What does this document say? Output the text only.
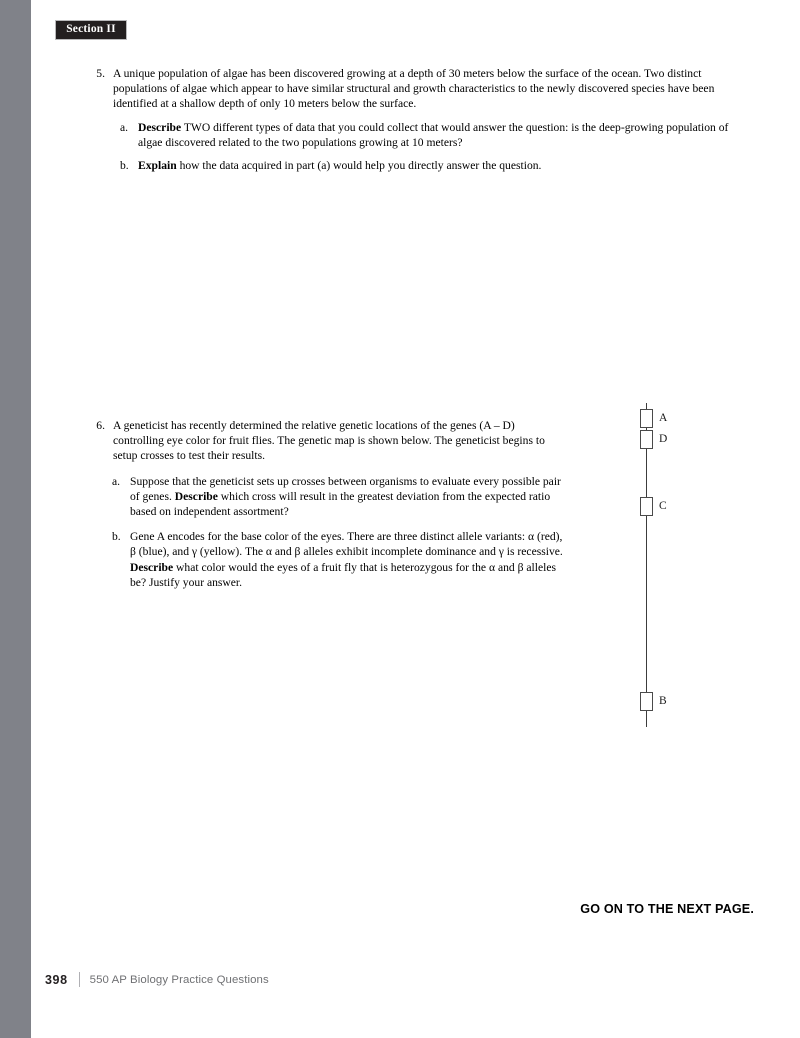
Section II
5. A unique population of algae has been discovered growing at a depth of 30 meters below the surface of the ocean. Two distinct populations of algae which appear to have similar structural and growth characteristics to the newly discovered species have been identified at a shallow depth of only 10 meters below the surface.
a. Describe TWO different types of data that you could collect that would answer the question: is the deep-growing population of algae discovered related to the two populations growing at 10 meters?
b. Explain how the data acquired in part (a) would help you directly answer the question.
6. A geneticist has recently determined the relative genetic locations of the genes (A – D) controlling eye color for fruit flies. The genetic map is shown below. The geneticist begins to setup crosses to test their results.
a. Suppose that the geneticist sets up crosses between organisms to evaluate every possible pair of genes. Describe which cross will result in the greatest deviation from the expected ratio based on independent assortment?
b. Gene A encodes for the base color of the eyes. There are three distinct allele variants: α (red), β (blue), and γ (yellow). The α and β alleles exhibit incomplete dominance and γ is recessive. Describe what color would the eyes of a fruit fly that is heterozygous for the α and β alleles be? Justify your answer.
A
D
C
B
GO ON TO THE NEXT PAGE.
398 550 AP Biology Practice Questions
